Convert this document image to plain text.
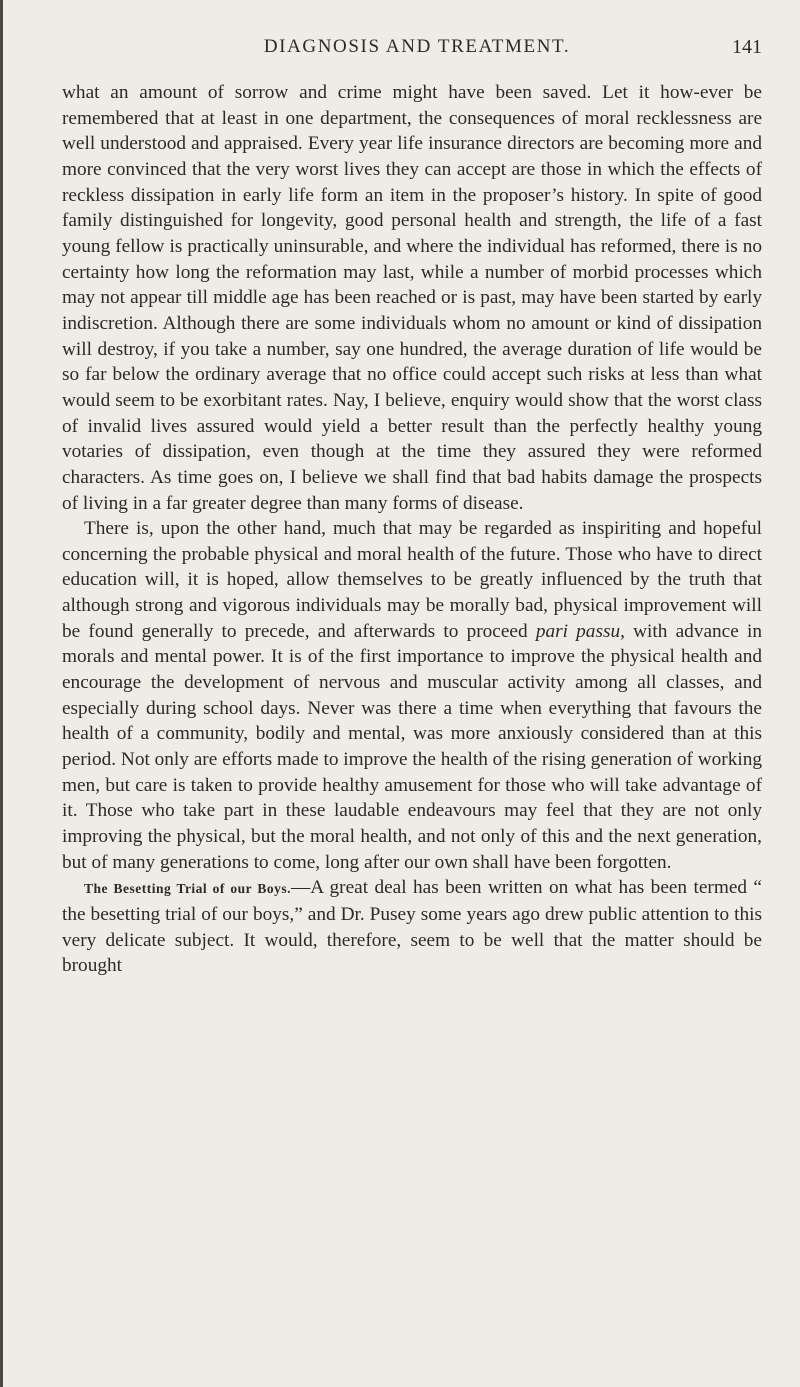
DIAGNOSIS AND TREATMENT.	141

what an amount of sorrow and crime might have been saved. Let it how-ever be remembered that at least in one department, the consequences of moral recklessness are well understood and appraised. Every year life insurance directors are becoming more and more convinced that the very worst lives they can accept are those in which the effects of reckless dissipation in early life form an item in the proposer’s history. In spite of good family distinguished for longevity, good personal health and strength, the life of a fast young fellow is practically uninsurable, and where the individual has reformed, there is no certainty how long the reformation may last, while a number of morbid processes which may not appear till middle age has been reached or is past, may have been started by early indiscretion. Although there are some individuals whom no amount or kind of dissipation will destroy, if you take a number, say one hundred, the average duration of life would be so far below the ordinary average that no office could accept such risks at less than what would seem to be exorbitant rates. Nay, I believe, enquiry would show that the worst class of invalid lives assured would yield a better result than the perfectly healthy young votaries of dissipation, even though at the time they assured they were reformed characters. As time goes on, I believe we shall find that bad habits damage the prospects of living in a far greater degree than many forms of disease.

There is, upon the other hand, much that may be regarded as inspiriting and hopeful concerning the probable physical and moral health of the future. Those who have to direct education will, it is hoped, allow themselves to be greatly influenced by the truth that although strong and vigorous individuals may be morally bad, physical improvement will be found generally to precede, and afterwards to proceed pari passu, with advance in morals and mental power. It is of the first importance to improve the physical health and encourage the development of nervous and muscular activity among all classes, and especially during school days. Never was there a time when everything that favours the health of a community, bodily and mental, was more anxiously considered than at this period. Not only are efforts made to improve the health of the rising generation of working men, but care is taken to provide healthy amusement for those who will take advantage of it. Those who take part in these laudable endeavours may feel that they are not only improving the physical, but the moral health, and not only of this and the next generation, but of many generations to come, long after our own shall have been forgotten.

The Besetting Trial of our Boys.—A great deal has been written on what has been termed “ the besetting trial of our boys,” and Dr. Pusey some years ago drew public attention to this very delicate subject. It would, therefore, seem to be well that the matter should be brought
